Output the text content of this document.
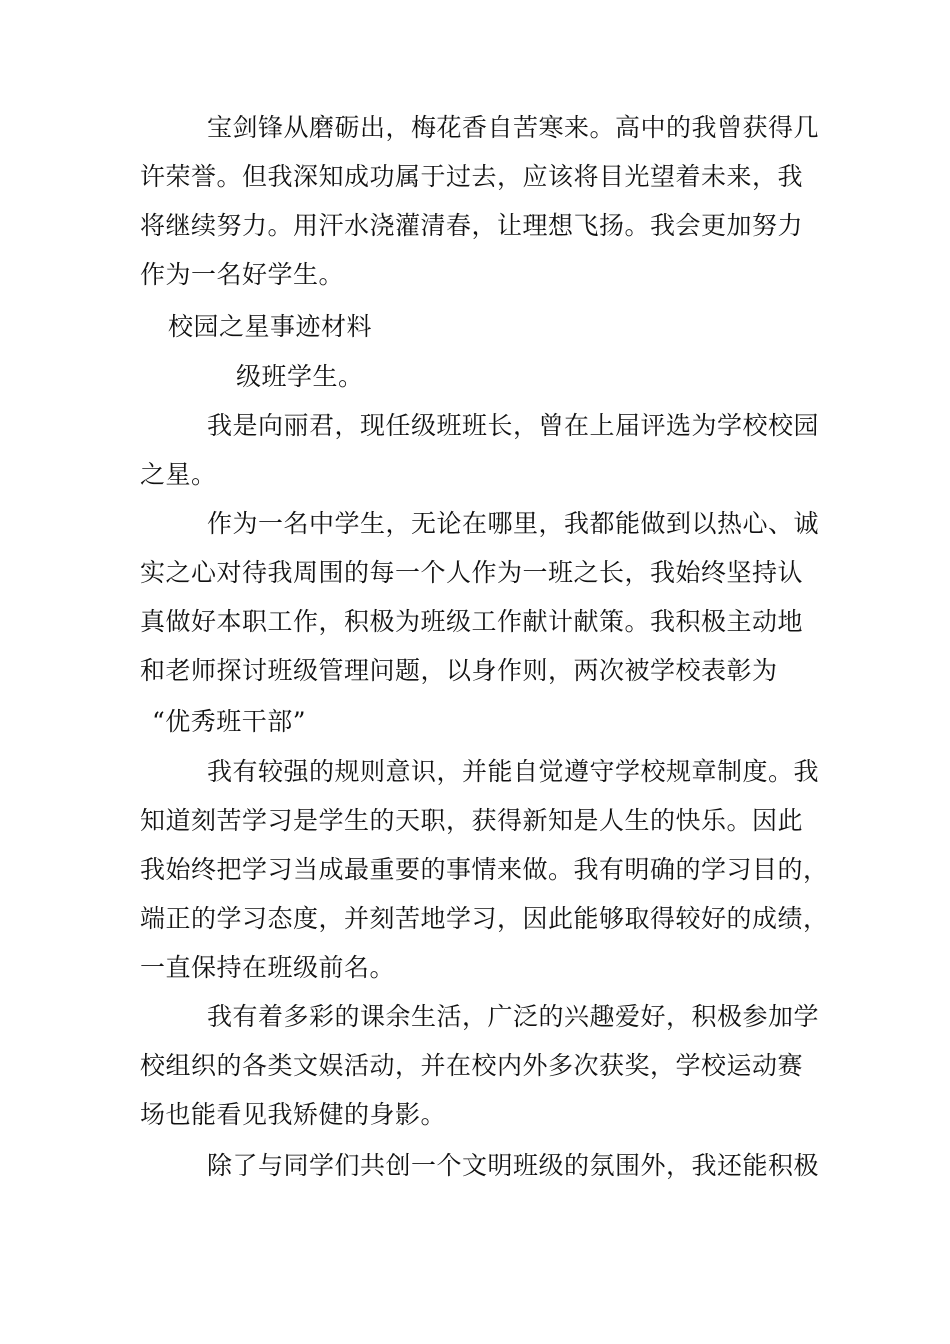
宝剑锋从磨砺出，梅花香自苦寒来。高中的我曾获得几
许荣誉。但我深知成功属于过去，应该将目光望着未来，我
将继续努力。用汗水浇灌清春，让理想飞扬。我会更加努力
作为一名好学生。
校园之星事迹材料
级班学生。
我是向丽君，现任级班班长，曾在上届评选为学校校园
之星。
作为一名中学生，无论在哪里，我都能做到以热心、诚
实之心对待我周围的每一个人作为一班之长，我始终坚持认
真做好本职工作，积极为班级工作献计献策。我积极主动地
和老师探讨班级管理问题，以身作则，两次被学校表彰为
“优秀班干部”
我有较强的规则意识，并能自觉遵守学校规章制度。我
知道刻苦学习是学生的天职，获得新知是人生的快乐。因此
我始终把学习当成最重要的事情来做。我有明确的学习目的，
端正的学习态度，并刻苦地学习，因此能够取得较好的成绩，
一直保持在班级前名。
我有着多彩的课余生活，广泛的兴趣爱好，积极参加学
校组织的各类文娱活动，并在校内外多次获奖，学校运动赛
场也能看见我矫健的身影。
除了与同学们共创一个文明班级的氛围外，我还能积极
